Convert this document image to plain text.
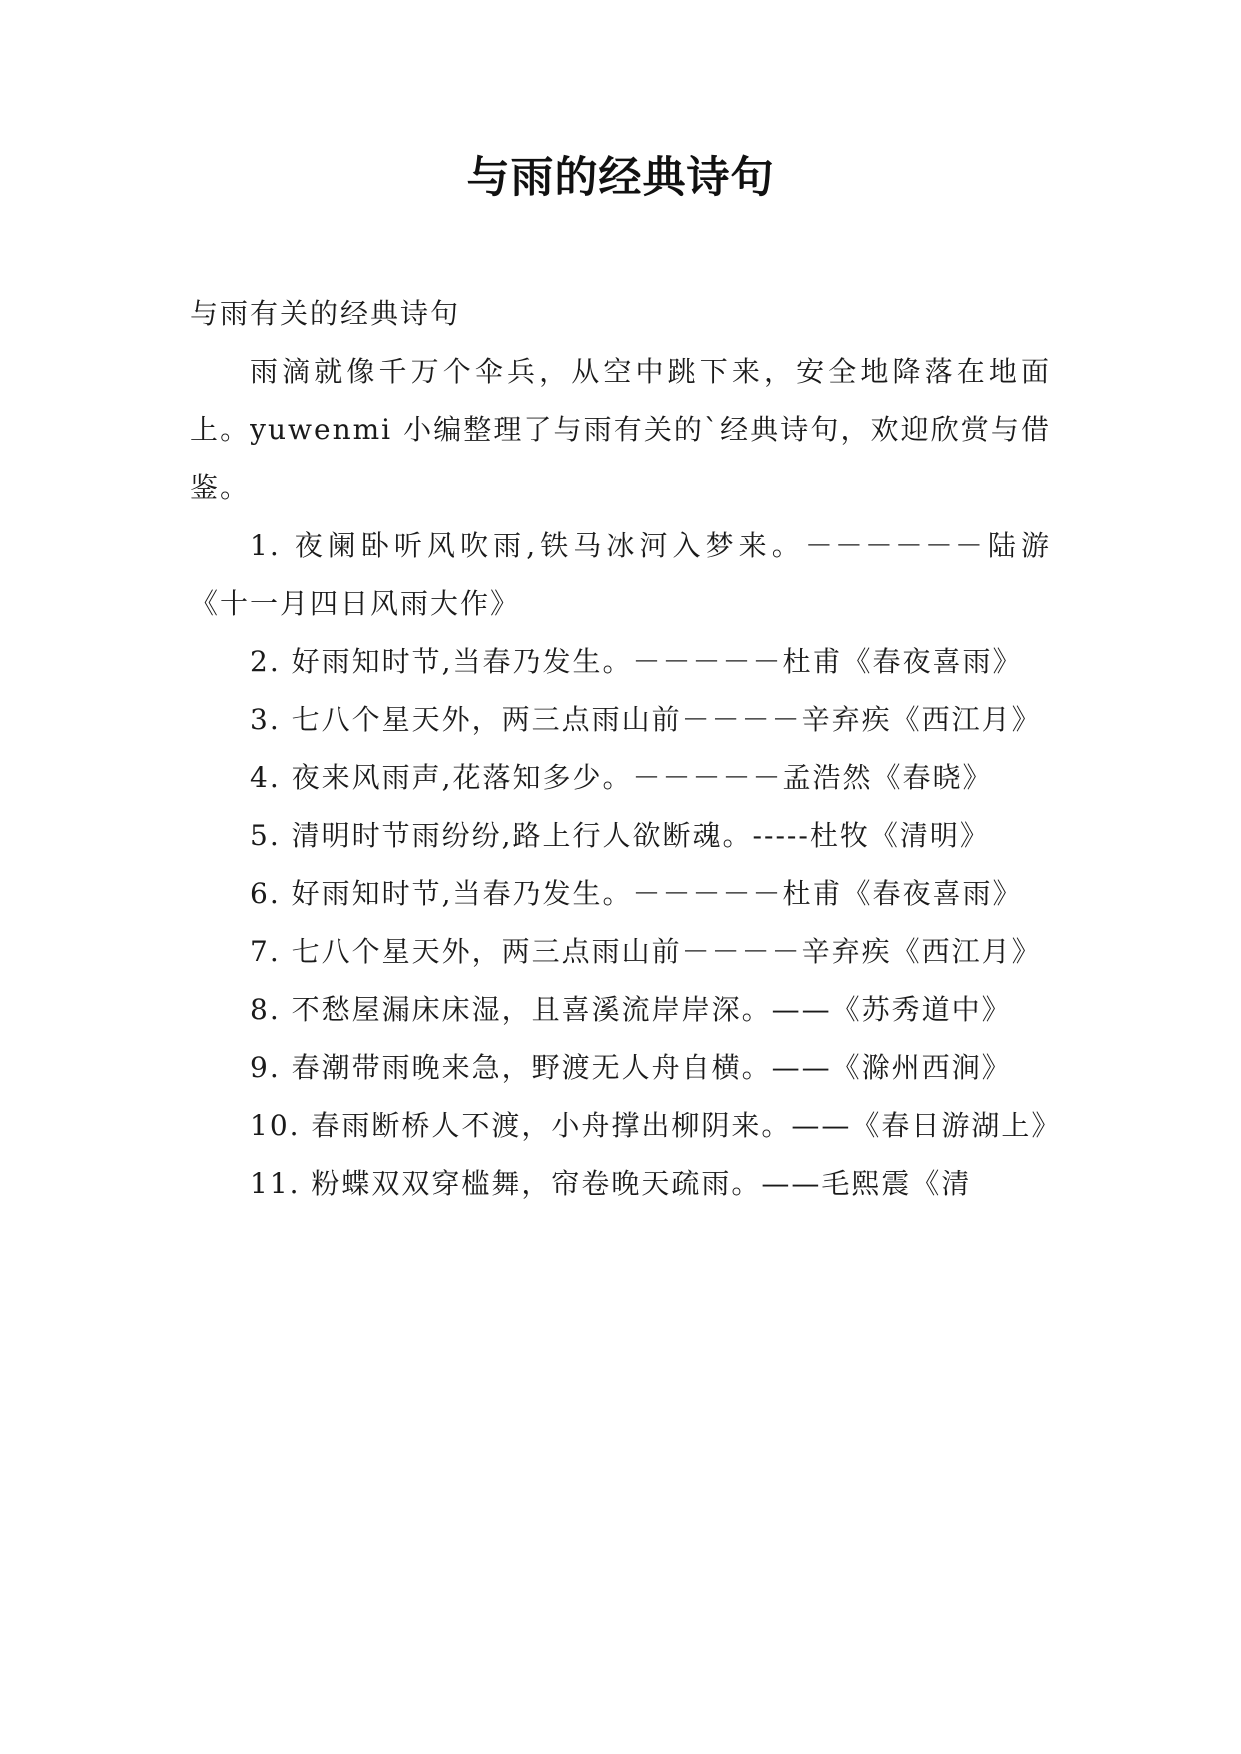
与雨的经典诗句

与雨有关的经典诗句

雨滴就像千万个伞兵，从空中跳下来，安全地降落在地面上。yuwenmi 小编整理了与雨有关的`经典诗句，欢迎欣赏与借鉴。

1. 夜阑卧听风吹雨,铁马冰河入梦来。－－－－－－陆游《十一月四日风雨大作》

2. 好雨知时节,当春乃发生。－－－－－杜甫《春夜喜雨》

3. 七八个星天外，两三点雨山前－－－－辛弃疾《西江月》

4. 夜来风雨声,花落知多少。－－－－－孟浩然《春晓》

5. 清明时节雨纷纷,路上行人欲断魂。-----杜牧《清明》

6. 好雨知时节,当春乃发生。－－－－－杜甫《春夜喜雨》

7. 七八个星天外，两三点雨山前－－－－辛弃疾《西江月》

8. 不愁屋漏床床湿，且喜溪流岸岸深。——《苏秀道中》

9. 春潮带雨晚来急，野渡无人舟自横。——《滁州西涧》

10. 春雨断桥人不渡，小舟撑出柳阴来。——《春日游湖上》

11. 粉蝶双双穿槛舞，帘卷晚天疏雨。——毛熙震《清
